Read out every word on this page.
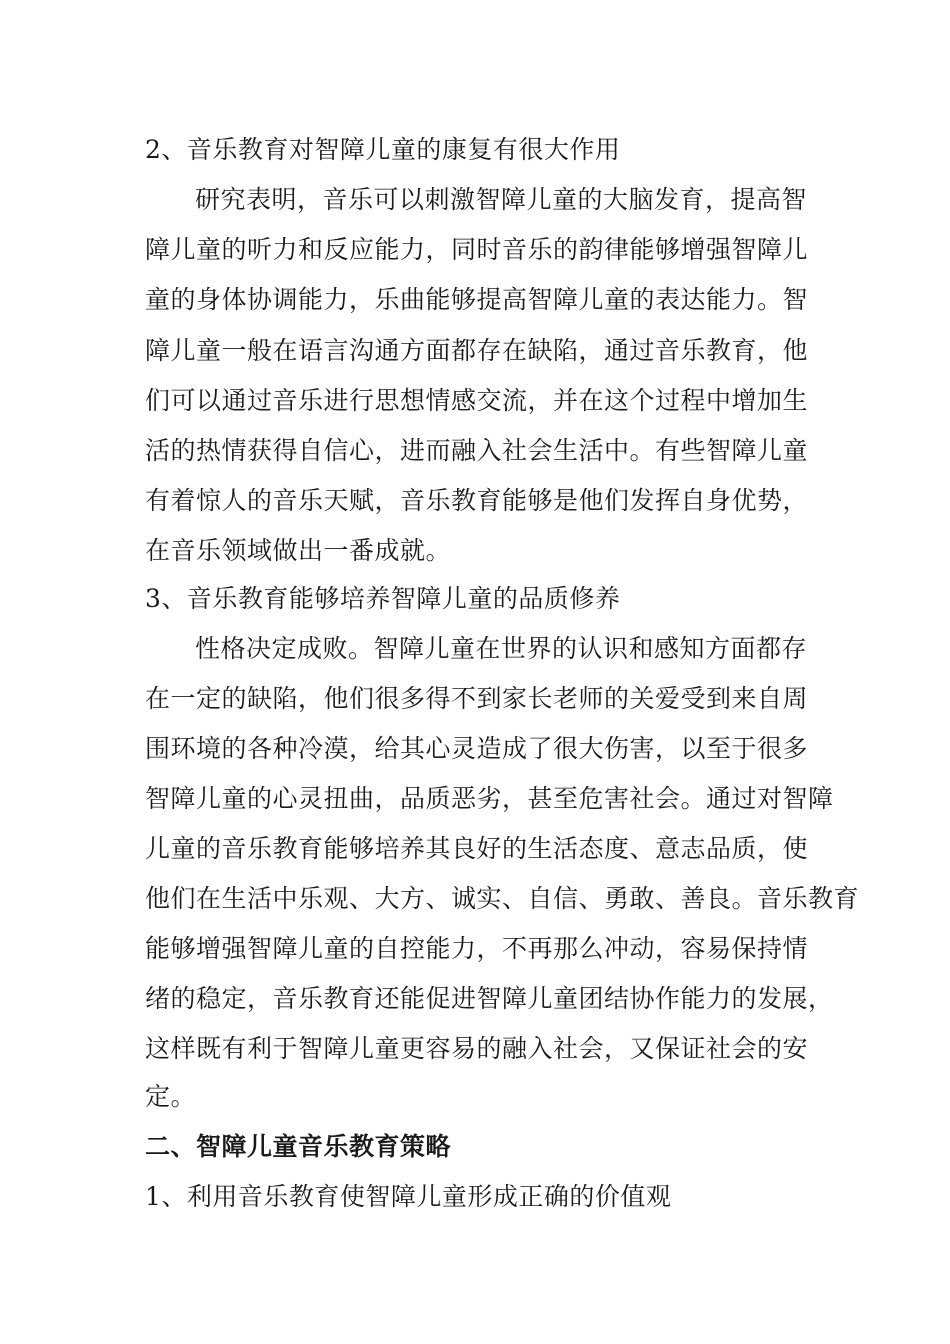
2、音乐教育对智障儿童的康复有很大作用
研究表明，音乐可以刺激智障儿童的大脑发育，提高智
障儿童的听力和反应能力，同时音乐的韵律能够增强智障儿
童的身体协调能力，乐曲能够提高智障儿童的表达能力。智
障儿童一般在语言沟通方面都存在缺陷，通过音乐教育，他
们可以通过音乐进行思想情感交流，并在这个过程中增加生
活的热情获得自信心，进而融入社会生活中。有些智障儿童
有着惊人的音乐天赋，音乐教育能够是他们发挥自身优势，
在音乐领域做出一番成就。
3、音乐教育能够培养智障儿童的品质修养
性格决定成败。智障儿童在世界的认识和感知方面都存
在一定的缺陷，他们很多得不到家长老师的关爱受到来自周
围环境的各种冷漠，给其心灵造成了很大伤害，以至于很多
智障儿童的心灵扭曲，品质恶劣，甚至危害社会。通过对智障
儿童的音乐教育能够培养其良好的生活态度、意志品质，使
他们在生活中乐观、大方、诚实、自信、勇敢、善良。音乐教育
能够增强智障儿童的自控能力，不再那么冲动，容易保持情
绪的稳定，音乐教育还能促进智障儿童团结协作能力的发展，
这样既有利于智障儿童更容易的融入社会，又保证社会的安
定。
二、智障儿童音乐教育策略
1、利用音乐教育使智障儿童形成正确的价值观
